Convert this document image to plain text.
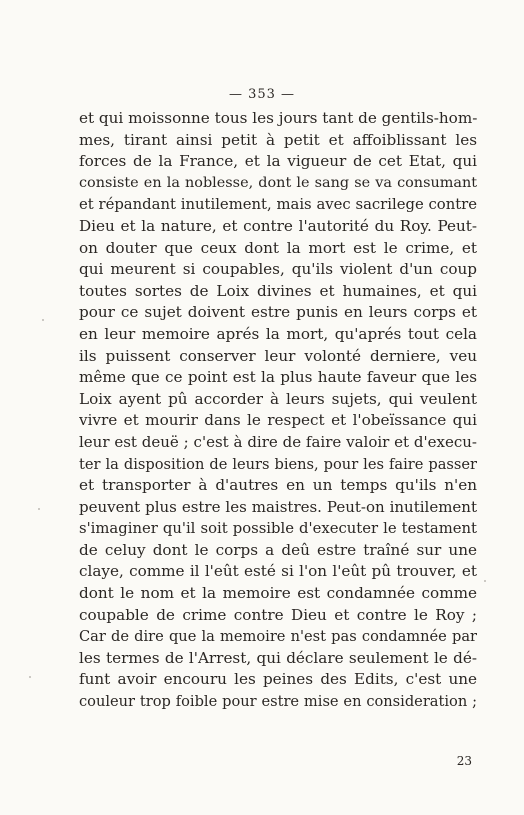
— 353 —
et qui moissonne tous les jours tant de gentils-hom-
mes, tirant ainsi petit à petit et affoiblissant les
forces de la France, et la vigueur de cet Etat, qui
consiste en la noblesse, dont le sang se va consumant
et répandant inutilement, mais avec sacrilege contre
Dieu et la nature, et contre l'autorité du Roy. Peut-
on douter que ceux dont la mort est le crime, et
qui meurent si coupables, qu'ils violent d'un coup
toutes sortes de Loix divines et humaines, et qui
pour ce sujet doivent estre punis en leurs corps et
en leur memoire aprés la mort, qu'aprés tout cela
ils puissent conserver leur volonté derniere, veu
même que ce point est la plus haute faveur que les
Loix ayent pû accorder à leurs sujets, qui veulent
vivre et mourir dans le respect et l'obeïssance qui
leur est deuë ; c'est à dire de faire valoir et d'execu-
ter la disposition de leurs biens, pour les faire passer
et transporter à d'autres en un temps qu'ils n'en
peuvent plus estre les maistres. Peut-on inutilement
s'imaginer qu'il soit possible d'executer le testament
de celuy dont le corps a deû estre traîné sur une
claye, comme il l'eût esté si l'on l'eût pû trouver, et
dont le nom et la memoire est condamnée comme
coupable de crime contre Dieu et contre le Roy ;
Car de dire que la memoire n'est pas condamnée par
les termes de l'Arrest, qui déclare seulement le dé-
funt avoir encouru les peines des Edits, c'est une
couleur trop foible pour estre mise en consideration ;
23
